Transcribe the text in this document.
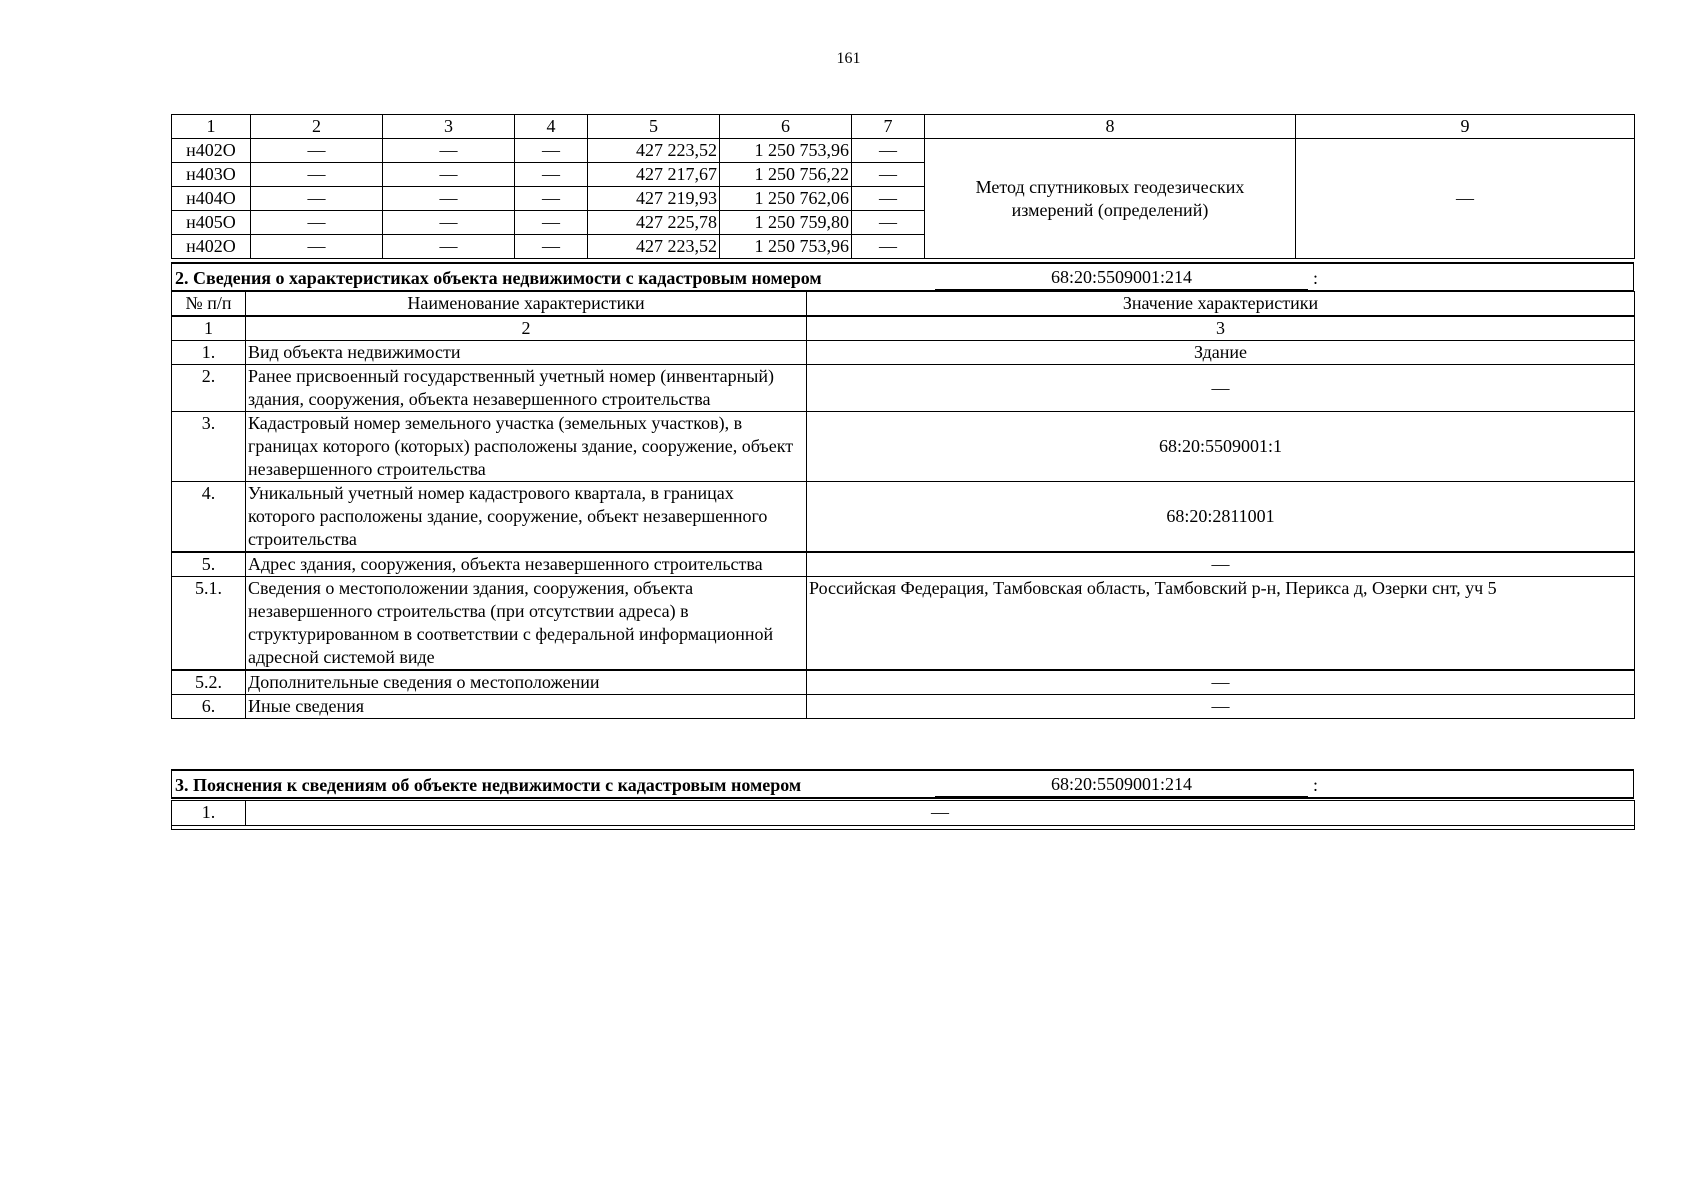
161
1	2	3	4	5	6	7	8	9
н402О	—	—	—	427 223,52	1 250 753,96	—	Метод спутниковых геодезических измерений (определений)	—
н403О	—	—	—	427 217,67	1 250 756,22	—		
н404О	—	—	—	427 219,93	1 250 762,06	—		
н405О	—	—	—	427 225,78	1 250 759,80	—		
н402О	—	—	—	427 223,52	1 250 753,96	—		
2. Сведения о характеристиках объекта недвижимости с кадастровым номером	68:20:5509001:214	:
№ п/п	Наименование характеристики	Значение характеристики
1	2	3
1.	Вид объекта недвижимости	Здание
2.	Ранее присвоенный государственный учетный номер (инвентарный) здания, сооружения, объекта незавершенного строительства	—
3.	Кадастровый номер земельного участка (земельных участков), в границах которого (которых) расположены здание, сооружение, объект незавершенного строительства	68:20:5509001:1
4.	Уникальный учетный номер кадастрового квартала, в границах которого расположены здание, сооружение, объект незавершенного строительства	68:20:2811001
5.	Адрес здания, сооружения, объекта незавершенного строительства	—
5.1.	Сведения о местоположении здания, сооружения, объекта незавершенного строительства (при отсутствии адреса) в структурированном в соответствии с федеральной информационной адресной системой виде	Российская Федерация, Тамбовская область, Тамбовский р-н, Перикса д, Озерки снт, уч 5
5.2.	Дополнительные сведения о местоположении	—
6.	Иные сведения	—
3. Пояснения к сведениям об объекте недвижимости с кадастровым номером	68:20:5509001:214	:
1.	—
